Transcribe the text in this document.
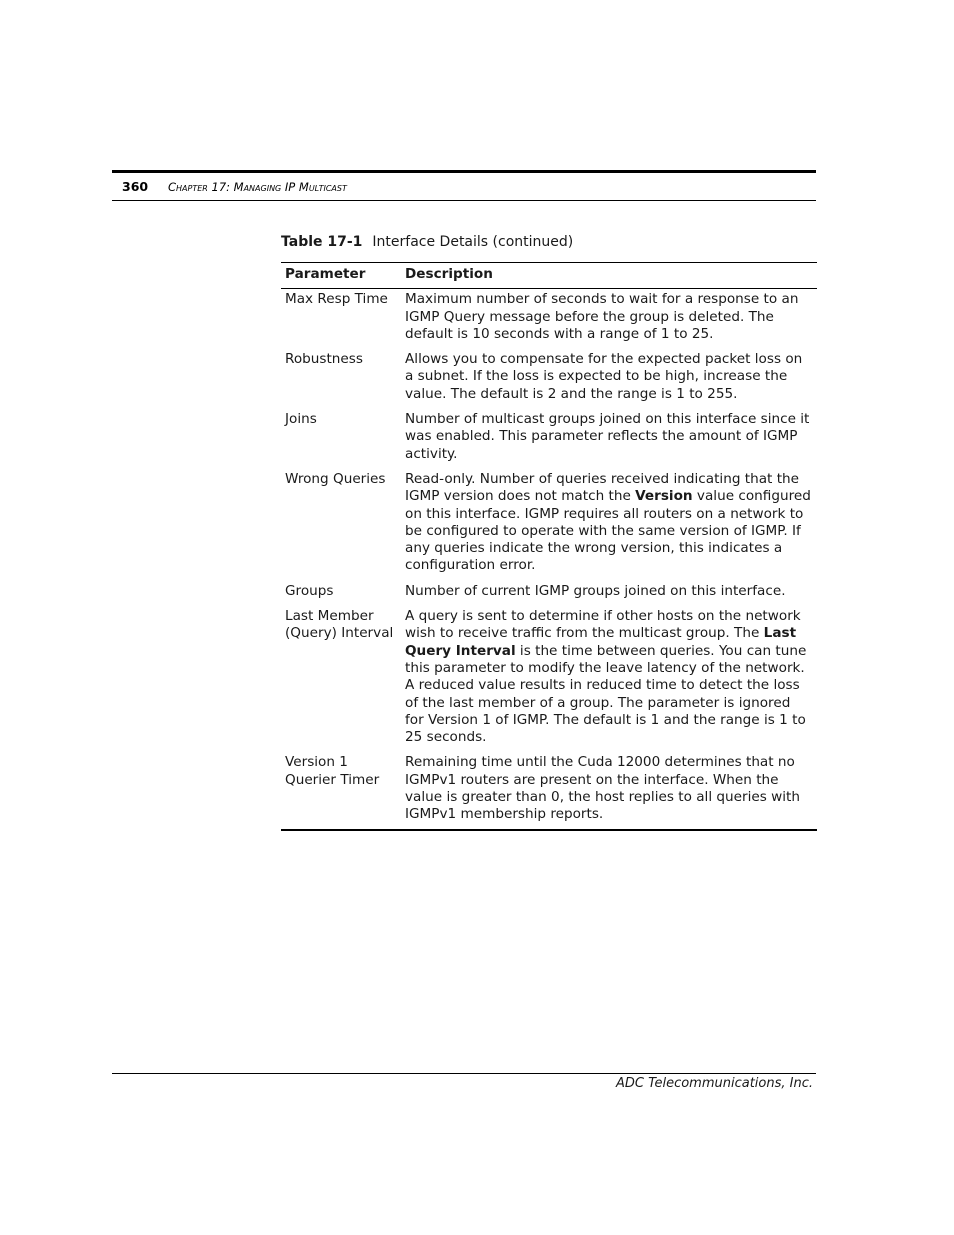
360 Chapter 17: Managing IP Multicast
Table 17-1 Interface Details (continued)
Parameter	Description
Max Resp Time	Maximum number of seconds to wait for a response to an IGMP Query message before the group is deleted. The default is 10 seconds with a range of 1 to 25.
Robustness	Allows you to compensate for the expected packet loss on a subnet. If the loss is expected to be high, increase the value. The default is 2 and the range is 1 to 255.
Joins	Number of multicast groups joined on this interface since it was enabled. This parameter reflects the amount of IGMP activity.
Wrong Queries	Read-only. Number of queries received indicating that the IGMP version does not match the Version value configured on this interface. IGMP requires all routers on a network to be configured to operate with the same version of IGMP. If any queries indicate the wrong version, this indicates a configuration error.
Groups	Number of current IGMP groups joined on this interface.
Last Member (Query) Interval	A query is sent to determine if other hosts on the network wish to receive traffic from the multicast group. The Last Query Interval is the time between queries. You can tune this parameter to modify the leave latency of the network. A reduced value results in reduced time to detect the loss of the last member of a group. The parameter is ignored for Version 1 of IGMP. The default is 1 and the range is 1 to 25 seconds.
Version 1 Querier Timer	Remaining time until the Cuda 12000 determines that no IGMPv1 routers are present on the interface. When the value is greater than 0, the host replies to all queries with IGMPv1 membership reports.
ADC Telecommunications, Inc.
